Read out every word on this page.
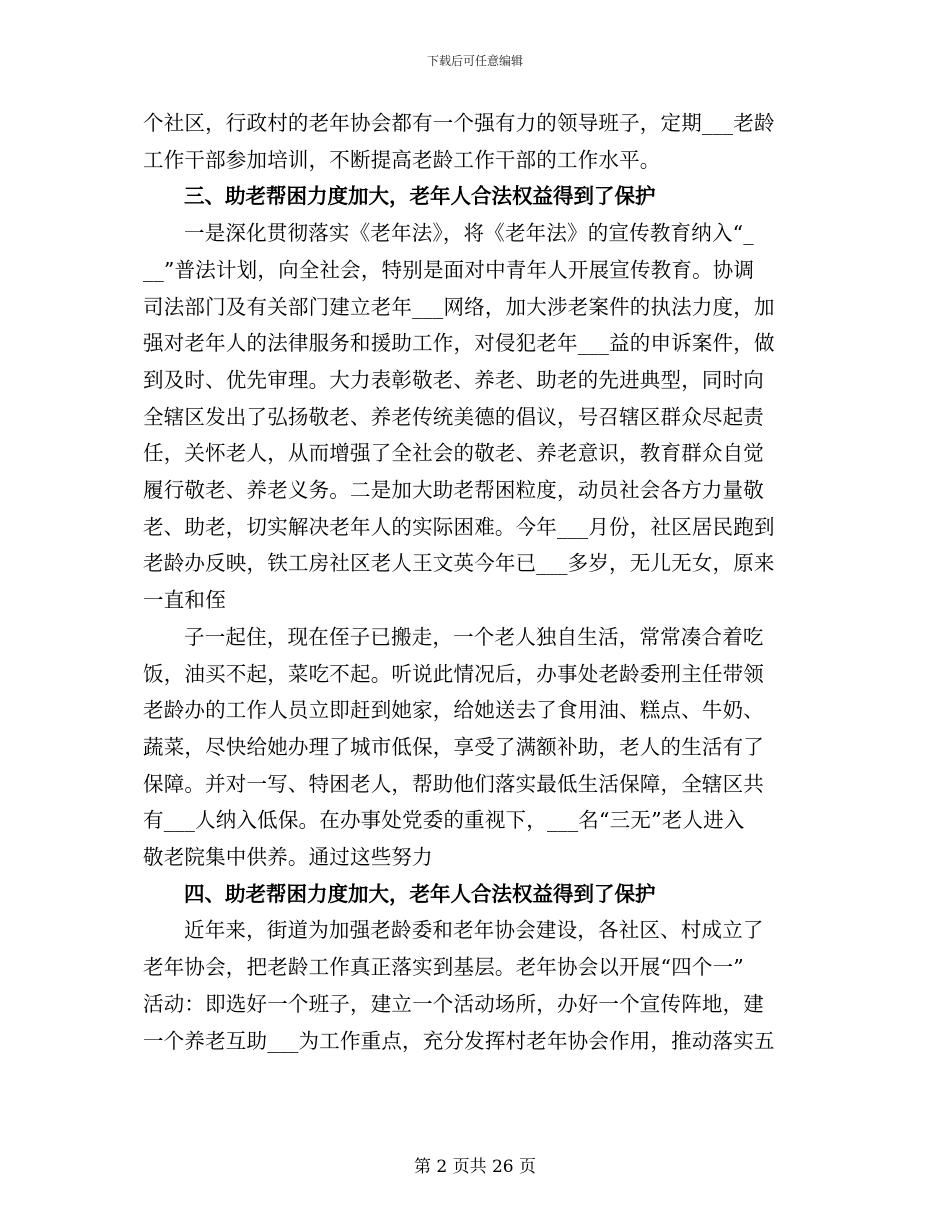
下载后可任意编辑

个社区，行政村的老年协会都有一个强有力的领导班子，定期___老龄
工作干部参加培训，不断提高老龄工作干部的工作水平。

三、助老帮困力度加大，老年人合法权益得到了保护

一是深化贯彻落实《老年法》，将《老年法》的宣传教育纳入“_
__”普法计划，向全社会，特别是面对中青年人开展宣传教育。协调
司法部门及有关部门建立老年___网络，加大涉老案件的执法力度，加
强对老年人的法律服务和援助工作，对侵犯老年___益的申诉案件，做
到及时、优先审理。大力表彰敬老、养老、助老的先进典型，同时向
全辖区发出了弘扬敬老、养老传统美德的倡议，号召辖区群众尽起责
任，关怀老人，从而增强了全社会的敬老、养老意识，教育群众自觉
履行敬老、养老义务。二是加大助老帮困粒度，动员社会各方力量敬
老、助老，切实解决老年人的实际困难。今年___月份，社区居民跑到
老龄办反映，铁工房社区老人王文英今年已___多岁，无儿无女，原来
一直和侄

子一起住，现在侄子已搬走，一个老人独自生活，常常凑合着吃
饭，油买不起，菜吃不起。听说此情况后，办事处老龄委刑主任带领
老龄办的工作人员立即赶到她家，给她送去了食用油、糕点、牛奶、
蔬菜，尽快给她办理了城市低保，享受了满额补助，老人的生活有了
保障。并对一写、特困老人，帮助他们落实最低生活保障，全辖区共
有___人纳入低保。在办事处党委的重视下，___名“三无”老人进入
敬老院集中供养。通过这些努力

四、助老帮困力度加大，老年人合法权益得到了保护

近年来，街道为加强老龄委和老年协会建设，各社区、村成立了
老年协会，把老龄工作真正落实到基层。老年协会以开展“四个一”
活动：即选好一个班子，建立一个活动场所，办好一个宣传阵地，建
一个养老互助___为工作重点，充分发挥村老年协会作用，推动落实五

第 2 页共 26 页
